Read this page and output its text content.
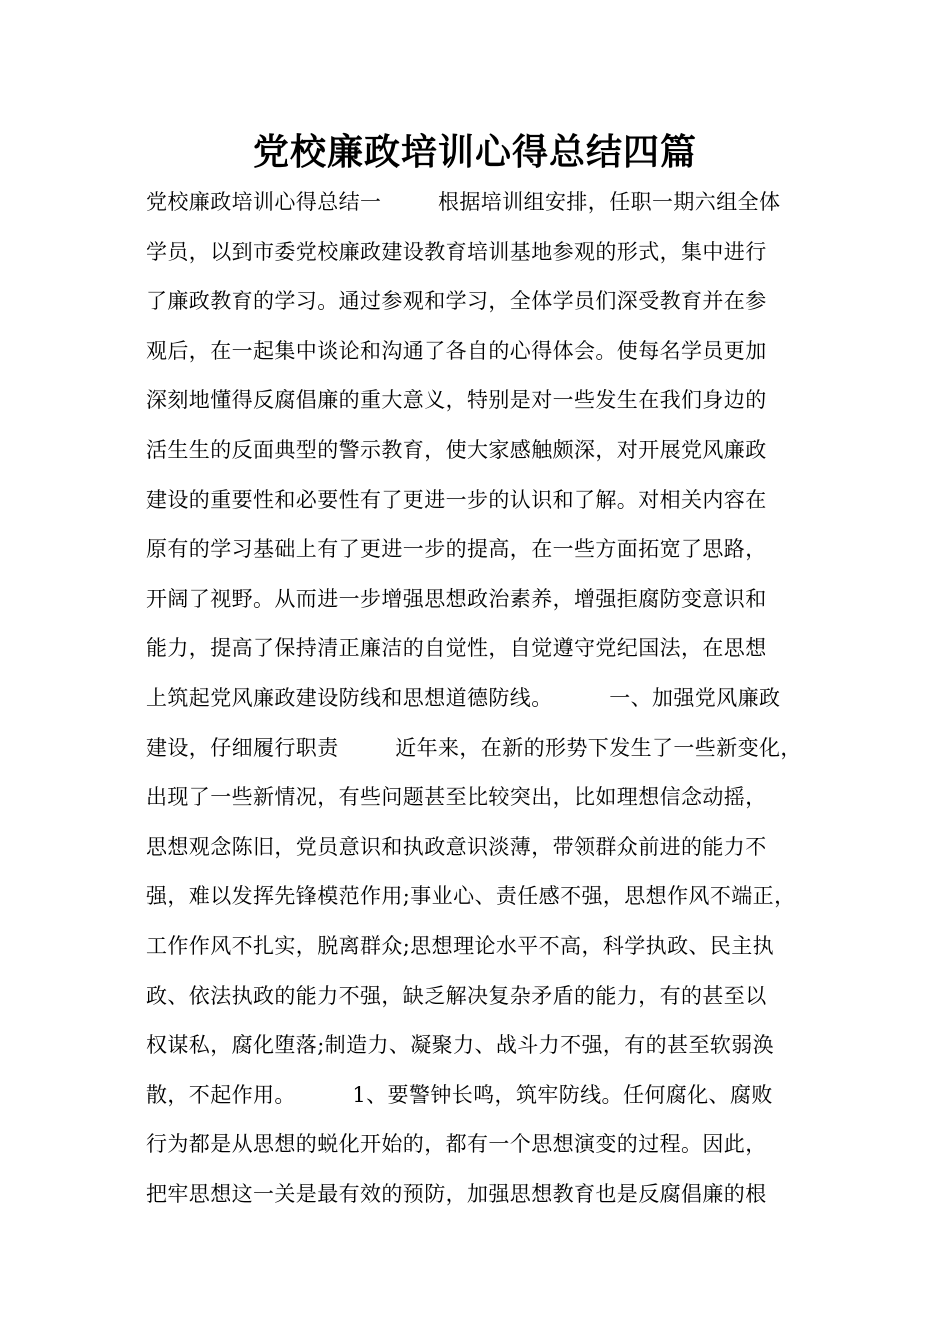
党校廉政培训心得总结四篇
党校廉政培训心得总结一        根据培训组安排，任职一期六组全体
学员，以到市委党校廉政建设教育培训基地参观的形式，集中进行
了廉政教育的学习。通过参观和学习，全体学员们深受教育并在参
观后，在一起集中谈论和沟通了各自的心得体会。使每名学员更加
深刻地懂得反腐倡廉的重大意义，特别是对一些发生在我们身边的
活生生的反面典型的警示教育，使大家感触颇深，对开展党风廉政
建设的重要性和必要性有了更进一步的认识和了解。对相关内容在
原有的学习基础上有了更进一步的提高，在一些方面拓宽了思路，
开阔了视野。从而进一步增强思想政治素养，增强拒腐防变意识和
能力，提高了保持清正廉洁的自觉性，自觉遵守党纪国法，在思想
上筑起党风廉政建设防线和思想道德防线。        一、加强党风廉政
建设，仔细履行职责        近年来，在新的形势下发生了一些新变化，
出现了一些新情况，有些问题甚至比较突出，比如理想信念动摇，
思想观念陈旧，党员意识和执政意识淡薄，带领群众前进的能力不
强，难以发挥先锋模范作用;事业心、责任感不强，思想作风不端正，
工作作风不扎实，脱离群众;思想理论水平不高，科学执政、民主执
政、依法执政的能力不强，缺乏解决复杂矛盾的能力，有的甚至以
权谋私，腐化堕落;制造力、凝聚力、战斗力不强，有的甚至软弱涣
散，不起作用。        1、要警钟长鸣，筑牢防线。任何腐化、腐败
行为都是从思想的蜕化开始的，都有一个思想演变的过程。因此，
把牢思想这一关是最有效的预防，加强思想教育也是反腐倡廉的根
